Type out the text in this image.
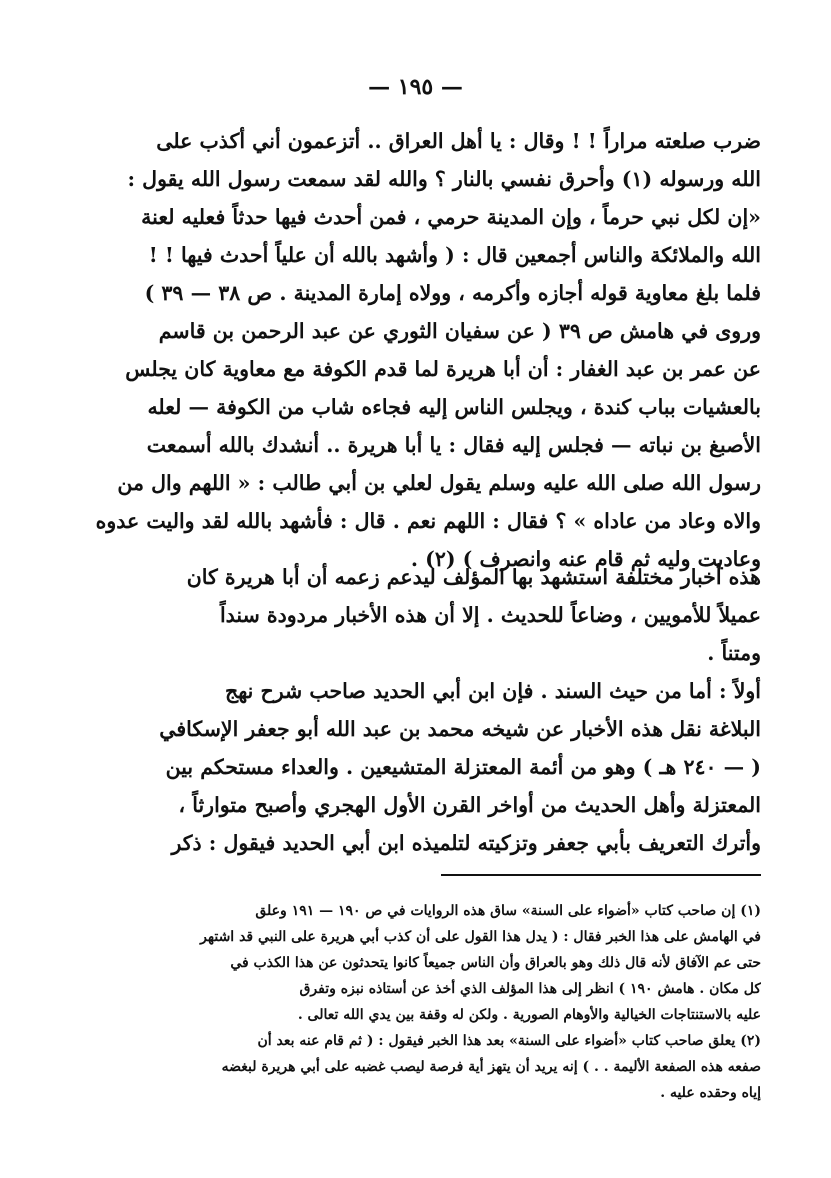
— ١٩٥ —
ضرب صلعته مراراً ! ! وقال : يا أهل العراق .. أتزعمون أني أكذب على
الله ورسوله (١) وأحرق نفسي بالنار ؟ والله لقد سمعت رسول الله يقول :
«إن لكل نبي حرماً ، وإن المدينة حرمي ، فمن أحدث فيها حدثاً فعليه لعنة
الله والملائكة والناس أجمعين قال : ( وأشهد بالله أن علياً أحدث فيها ! !
فلما بلغ معاوية قوله أجازه وأكرمه ، وولاه إمارة المدينة . ص ٣٨ — ٣٩ )
وروى في هامش ص ٣٩ ( عن سفيان الثوري عن عبد الرحمن بن قاسم
عن عمر بن عبد الغفار : أن أبا هريرة لما قدم الكوفة مع معاوية كان يجلس
بالعشيات بباب كندة ، ويجلس الناس إليه فجاءه شاب من الكوفة — لعله
الأصبغ بن نباته — فجلس إليه فقال : يا أبا هريرة .. أنشدك بالله أسمعت
رسول الله صلى الله عليه وسلم يقول لعلي بن أبي طالب : « اللهم وال من
والاه وعاد من عاداه » ؟ فقال : اللهم نعم . قال : فأشهد بالله لقد واليت عدوه
وعاديت وليه ثم قام عنه وانصرف ) (٢) .
هذه أخبار مختلفة استشهد بها المؤلف ليدعم زعمه أن أبا هريرة كان
عميلاً للأمويين ، وضاعاً للحديث . إلا أن هذه الأخبار مردودة سنداً
ومتناً .
أولاً : أما من حيث السند . فإن ابن أبي الحديد صاحب شرح نهج
البلاغة نقل هذه الأخبار عن شيخه محمد بن عبد الله أبو جعفر الإسكافي
( — ٢٤٠ هـ ) وهو من أئمة المعتزلة المتشيعين . والعداء مستحكم بين
المعتزلة وأهل الحديث من أواخر القرن الأول الهجري وأصبح متوارثاً ،
وأترك التعريف بأبي جعفر وتزكيته لتلميذه ابن أبي الحديد فيقول : ذكر
(١) إن صاحب كتاب «أضواء على السنة» ساق هذه الروايات في ص ١٩٠ — ١٩١ وعلق
في الهامش على هذا الخبر فقال : ( يدل هذا القول على أن كذب أبي هريرة على النبي قد اشتهر
حتى عم الآفاق لأنه قال ذلك وهو بالعراق وأن الناس جميعاً كانوا يتحدثون عن هذا الكذب في
كل مكان . هامش ١٩٠ ) انظر إلى هذا المؤلف الذي أخذ عن أستاذه نبزه وتفرق
عليه بالاستنتاجات الخيالية والأوهام الصورية . ولكن له وقفة بين يدي الله تعالى .
(٢) يعلق صاحب كتاب «أضواء على السنة» بعد هذا الخبر فيقول : ( ثم قام عنه بعد أن
صفعه هذه الصفعة الأليمة . . ) إنه يريد أن يتهز أية فرصة ليصب غضبه على أبي هريرة لبغضه
إياه وحقده عليه .
